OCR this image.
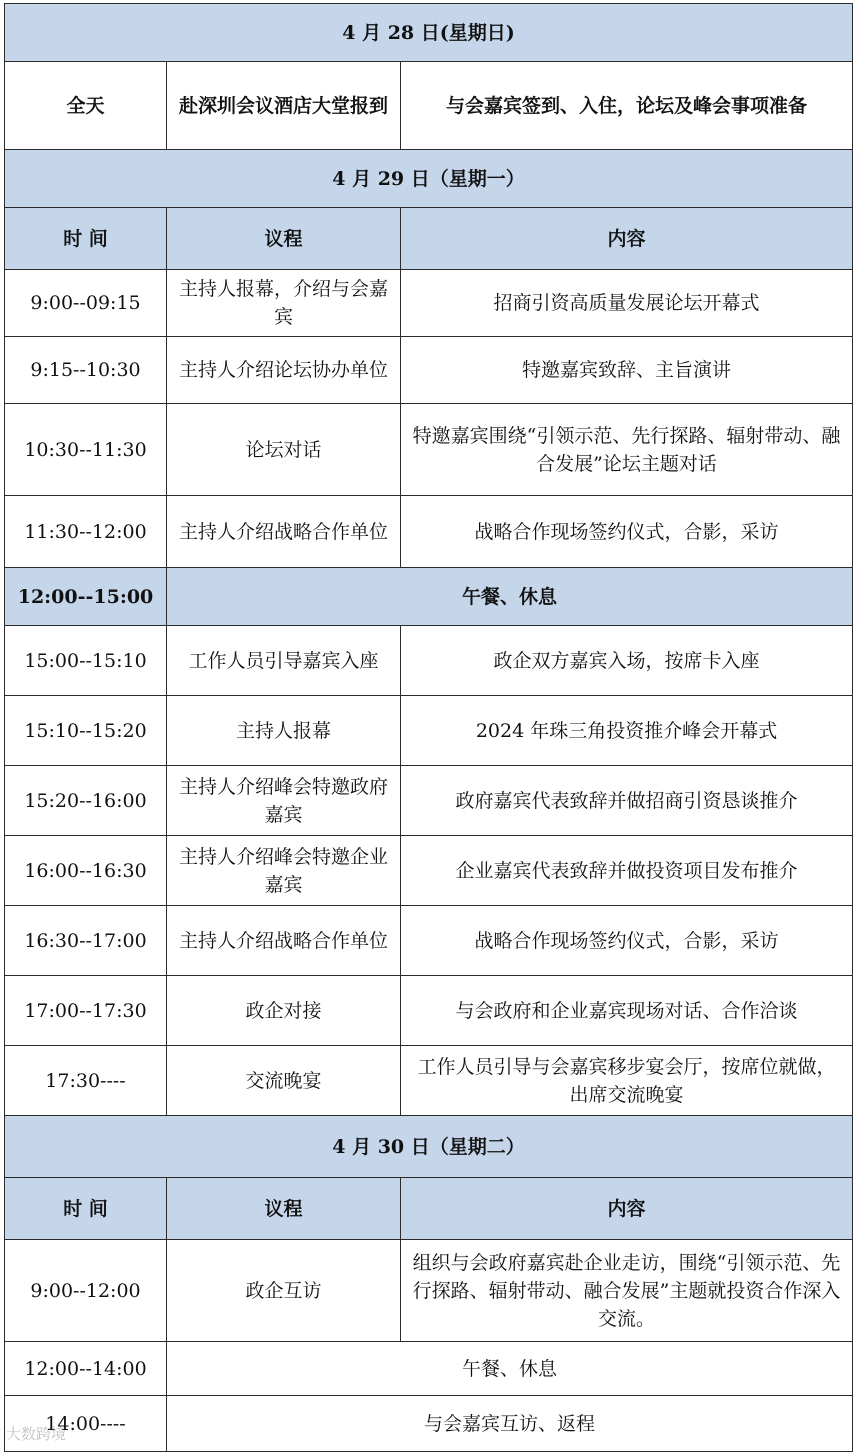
4 月 28 日(星期日)		
全天	赴深圳会议酒店大堂报到	与会嘉宾签到、入住，论坛及峰会事项准备
4 月 29 日（星期一）		
时 间	议程	内容
9:00--09:15	主持人报幕，介绍与会嘉宾	招商引资高质量发展论坛开幕式
9:15--10:30	主持人介绍论坛协办单位	特邀嘉宾致辞、主旨演讲
10:30--11:30	论坛对话	特邀嘉宾围绕“引领示范、先行探路、辐射带动、融合发展”论坛主题对话
11:30--12:00	主持人介绍战略合作单位	战略合作现场签约仪式，合影，采访
12:00--15:00	午餐、休息	
15:00--15:10	工作人员引导嘉宾入座	政企双方嘉宾入场，按席卡入座
15:10--15:20	主持人报幕	2024 年珠三角投资推介峰会开幕式
15:20--16:00	主持人介绍峰会特邀政府嘉宾	政府嘉宾代表致辞并做招商引资恳谈推介
16:00--16:30	主持人介绍峰会特邀企业嘉宾	企业嘉宾代表致辞并做投资项目发布推介
16:30--17:00	主持人介绍战略合作单位	战略合作现场签约仪式，合影，采访
17:00--17:30	政企对接	与会政府和企业嘉宾现场对话、合作洽谈
17:30----	交流晚宴	工作人员引导与会嘉宾移步宴会厅，按席位就做，出席交流晚宴
4 月 30 日（星期二）		
时 间	议程	内容
9:00--12:00	政企互访	组织与会政府嘉宾赴企业走访，围绕“引领示范、先行探路、辐射带动、融合发展”主题就投资合作深入交流。
12:00--14:00	午餐、休息	
14:00----	与会嘉宾互访、返程	
大数跨境
